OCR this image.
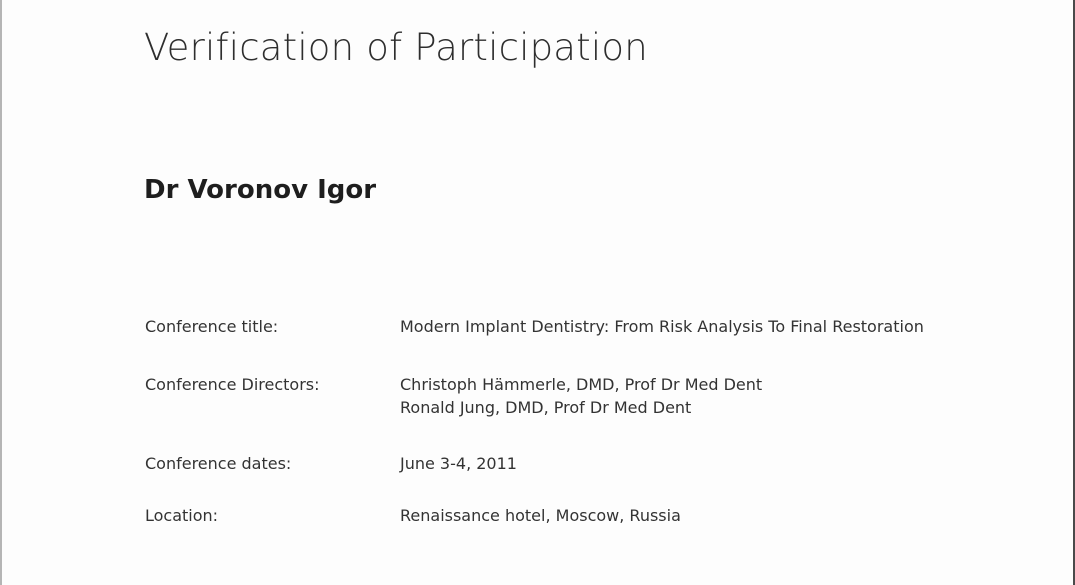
Verification of Participation
Dr Voronov Igor

Conference title:	Modern Implant Dentistry: From Risk Analysis To Final Restoration

Conference Directors:	Christoph Hämmerle, DMD, Prof Dr Med Dent
Ronald Jung, DMD, Prof Dr Med Dent

Conference dates:	June 3-4, 2011

Location:	Renaissance hotel, Moscow, Russia
